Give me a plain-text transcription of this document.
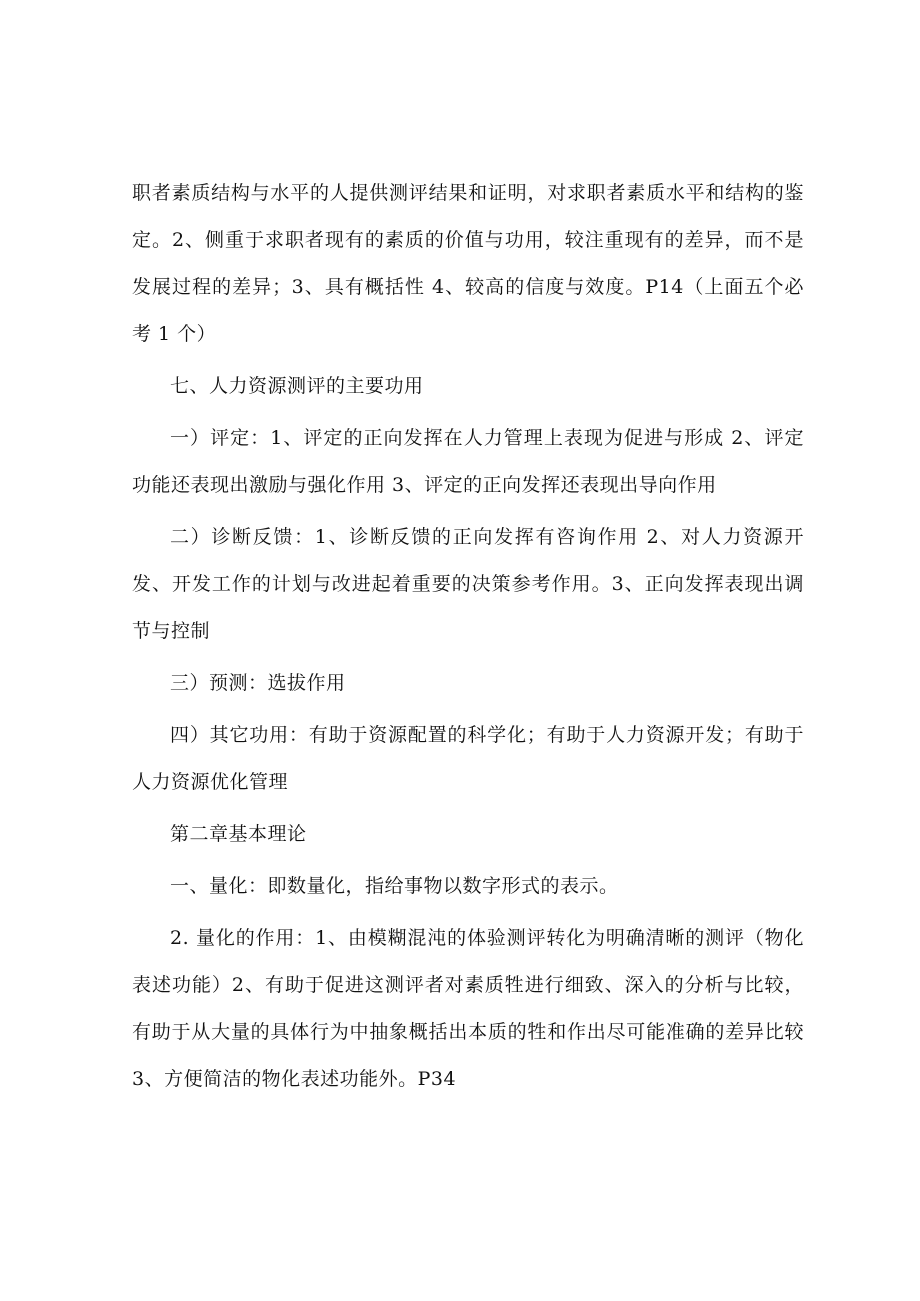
职者素质结构与水平的人提供测评结果和证明，对求职者素质水平和结构的鉴定。2、侧重于求职者现有的素质的价值与功用，较注重现有的差异，而不是发展过程的差异；3、具有概括性 4、较高的信度与效度。P14（上面五个必考 1 个）

七、人力资源测评的主要功用

一）评定：1、评定的正向发挥在人力管理上表现为促进与形成 2、评定功能还表现出激励与强化作用 3、评定的正向发挥还表现出导向作用

二）诊断反馈：1、诊断反馈的正向发挥有咨询作用 2、对人力资源开发、开发工作的计划与改进起着重要的决策参考作用。3、正向发挥表现出调节与控制

三）预测：选拔作用

四）其它功用：有助于资源配置的科学化；有助于人力资源开发；有助于人力资源优化管理

第二章基本理论

一、量化：即数量化，指给事物以数字形式的表示。

2. 量化的作用：1、由模糊混沌的体验测评转化为明确清晰的测评（物化表述功能）2、有助于促进这测评者对素质牲进行细致、深入的分析与比较，有助于从大量的具体行为中抽象概括出本质的牲和作出尽可能准确的差异比较 3、方便简洁的物化表述功能外。P34
